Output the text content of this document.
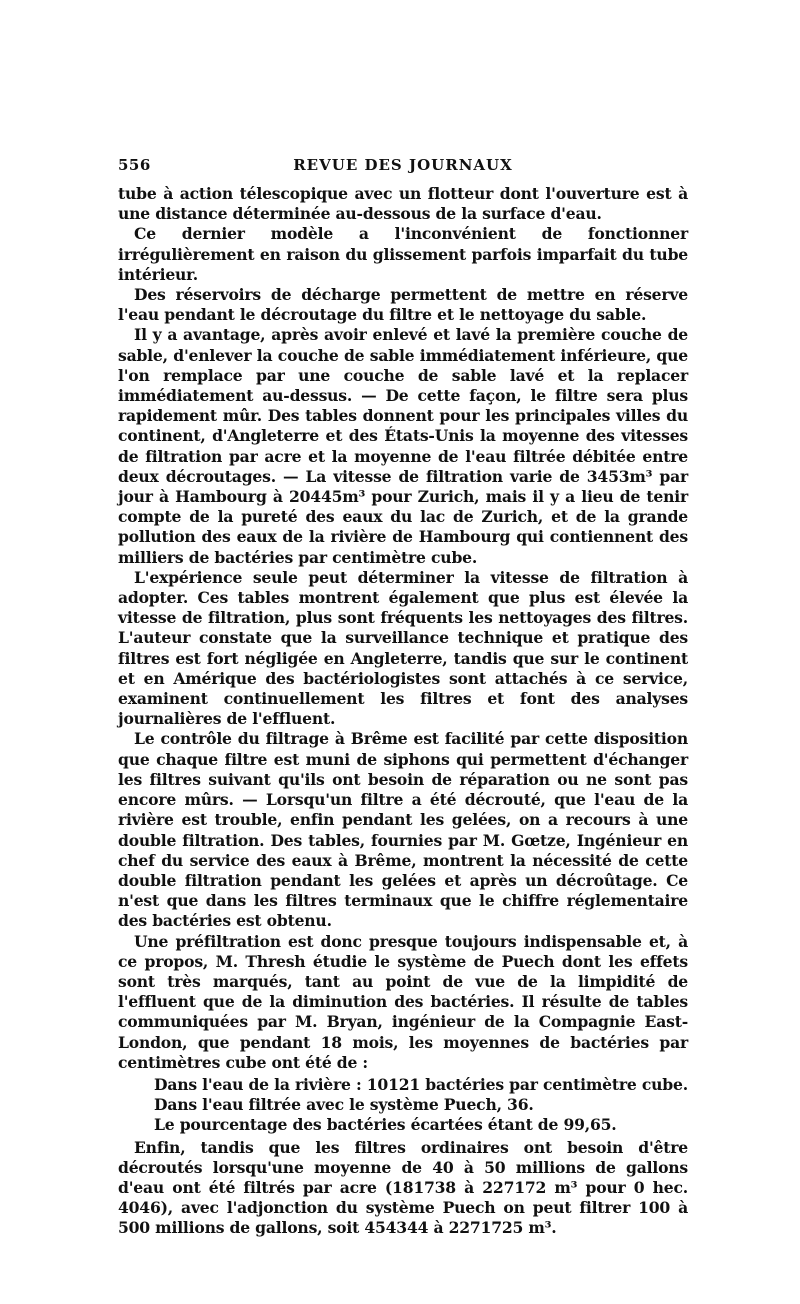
556	REVUE DES JOURNAUX

tube à action télescopique avec un flotteur dont l'ouverture est à une distance déterminée au-dessous de la surface d'eau.

Ce dernier modèle a l'inconvénient de fonctionner irrégulièrement en raison du glissement parfois imparfait du tube intérieur.

Des réservoirs de décharge permettent de mettre en réserve l'eau pendant le décroutage du filtre et le nettoyage du sable.

Il y a avantage, après avoir enlevé et lavé la première couche de sable, d'enlever la couche de sable immédiatement inférieure, que l'on remplace par une couche de sable lavé et la replacer immédiatement au-dessus. — De cette façon, le filtre sera plus rapidement mûr. Des tables donnent pour les principales villes du continent, d'Angleterre et des États-Unis la moyenne des vitesses de filtration par acre et la moyenne de l'eau filtrée débitée entre deux décroutages. — La vitesse de filtration varie de 3453m³ par jour à Hambourg à 20445m³ pour Zurich, mais il y a lieu de tenir compte de la pureté des eaux du lac de Zurich, et de la grande pollution des eaux de la rivière de Hambourg qui contiennent des milliers de bactéries par centimètre cube.

L'expérience seule peut déterminer la vitesse de filtration à adopter. Ces tables montrent également que plus est élevée la vitesse de filtration, plus sont fréquents les nettoyages des filtres. L'auteur constate que la surveillance technique et pratique des filtres est fort négligée en Angleterre, tandis que sur le continent et en Amérique des bactériologistes sont attachés à ce service, examinent continuellement les filtres et font des analyses journalières de l'effluent.

Le contrôle du filtrage à Brême est facilité par cette disposition que chaque filtre est muni de siphons qui permettent d'échanger les filtres suivant qu'ils ont besoin de réparation ou ne sont pas encore mûrs. — Lorsqu'un filtre a été décrouté, que l'eau de la rivière est trouble, enfin pendant les gelées, on a recours à une double filtration. Des tables, fournies par M. Gœtze, Ingénieur en chef du service des eaux à Brême, montrent la nécessité de cette double filtration pendant les gelées et après un décroûtage. Ce n'est que dans les filtres terminaux que le chiffre réglementaire des bactéries est obtenu.

Une préfiltration est donc presque toujours indispensable et, à ce propos, M. Thresh étudie le système de Puech dont les effets sont très marqués, tant au point de vue de la limpidité de l'effluent que de la diminution des bactéries. Il résulte de tables communiquées par M. Bryan, ingénieur de la Compagnie East-London, que pendant 18 mois, les moyennes de bactéries par centimètres cube ont été de :

Dans l'eau de la rivière : 10121 bactéries par centimètre cube.

Dans l'eau filtrée avec le système Puech, 36.

Le pourcentage des bactéries écartées étant de 99,65.

Enfin, tandis que les filtres ordinaires ont besoin d'être décroutés lorsqu'une moyenne de 40 à 50 millions de gallons d'eau ont été filtrés par acre (181738 à 227172 m³ pour 0 hec. 4046), avec l'adjonction du système Puech on peut filtrer 100 à 500 millions de gallons, soit 454344 à 2271725 m³.
